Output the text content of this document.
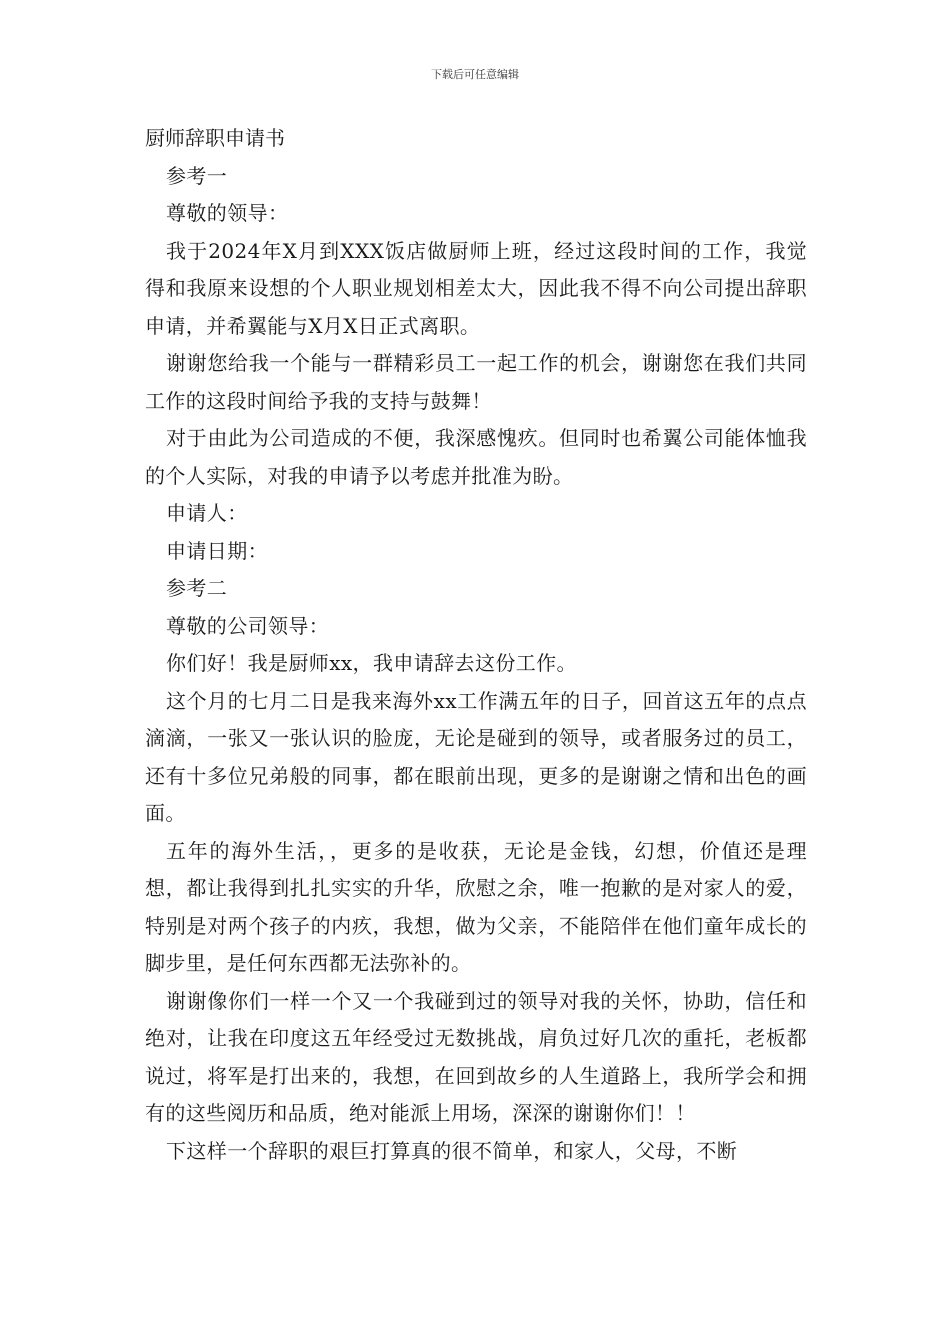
下载后可任意编辑
厨师辞职申请书

参考一

尊敬的领导：

我于2024年X月到XXX饭店做厨师上班，经过这段时间的工作，我觉得和我原来设想的个人职业规划相差太大，因此我不得不向公司提出辞职申请，并希翼能与X月X日正式离职。

谢谢您给我一个能与一群精彩员工一起工作的机会，谢谢您在我们共同工作的这段时间给予我的支持与鼓舞！

对于由此为公司造成的不便，我深感愧疚。但同时也希翼公司能体恤我的个人实际，对我的申请予以考虑并批准为盼。

申请人：

申请日期：

参考二

尊敬的公司领导：

你们好！我是厨师xx，我申请辞去这份工作。

这个月的七月二日是我来海外xx工作满五年的日子，回首这五年的点点滴滴，一张又一张认识的脸庞，无论是碰到的领导，或者服务过的员工，还有十多位兄弟般的同事，都在眼前出现，更多的是谢谢之情和出色的画面。

五年的海外生活，，更多的是收获，无论是金钱，幻想，价值还是理想，都让我得到扎扎实实的升华，欣慰之余，唯一抱歉的是对家人的爱，特别是对两个孩子的内疚，我想，做为父亲，不能陪伴在他们童年成长的脚步里，是任何东西都无法弥补的。

谢谢像你们一样一个又一个我碰到过的领导对我的关怀，协助，信任和绝对，让我在印度这五年经受过无数挑战，肩负过好几次的重托，老板都说过，将军是打出来的，我想，在回到故乡的人生道路上，我所学会和拥有的这些阅历和品质，绝对能派上用场，深深的谢谢你们！！

下这样一个辞职的艰巨打算真的很不简单，和家人，父母，不断
